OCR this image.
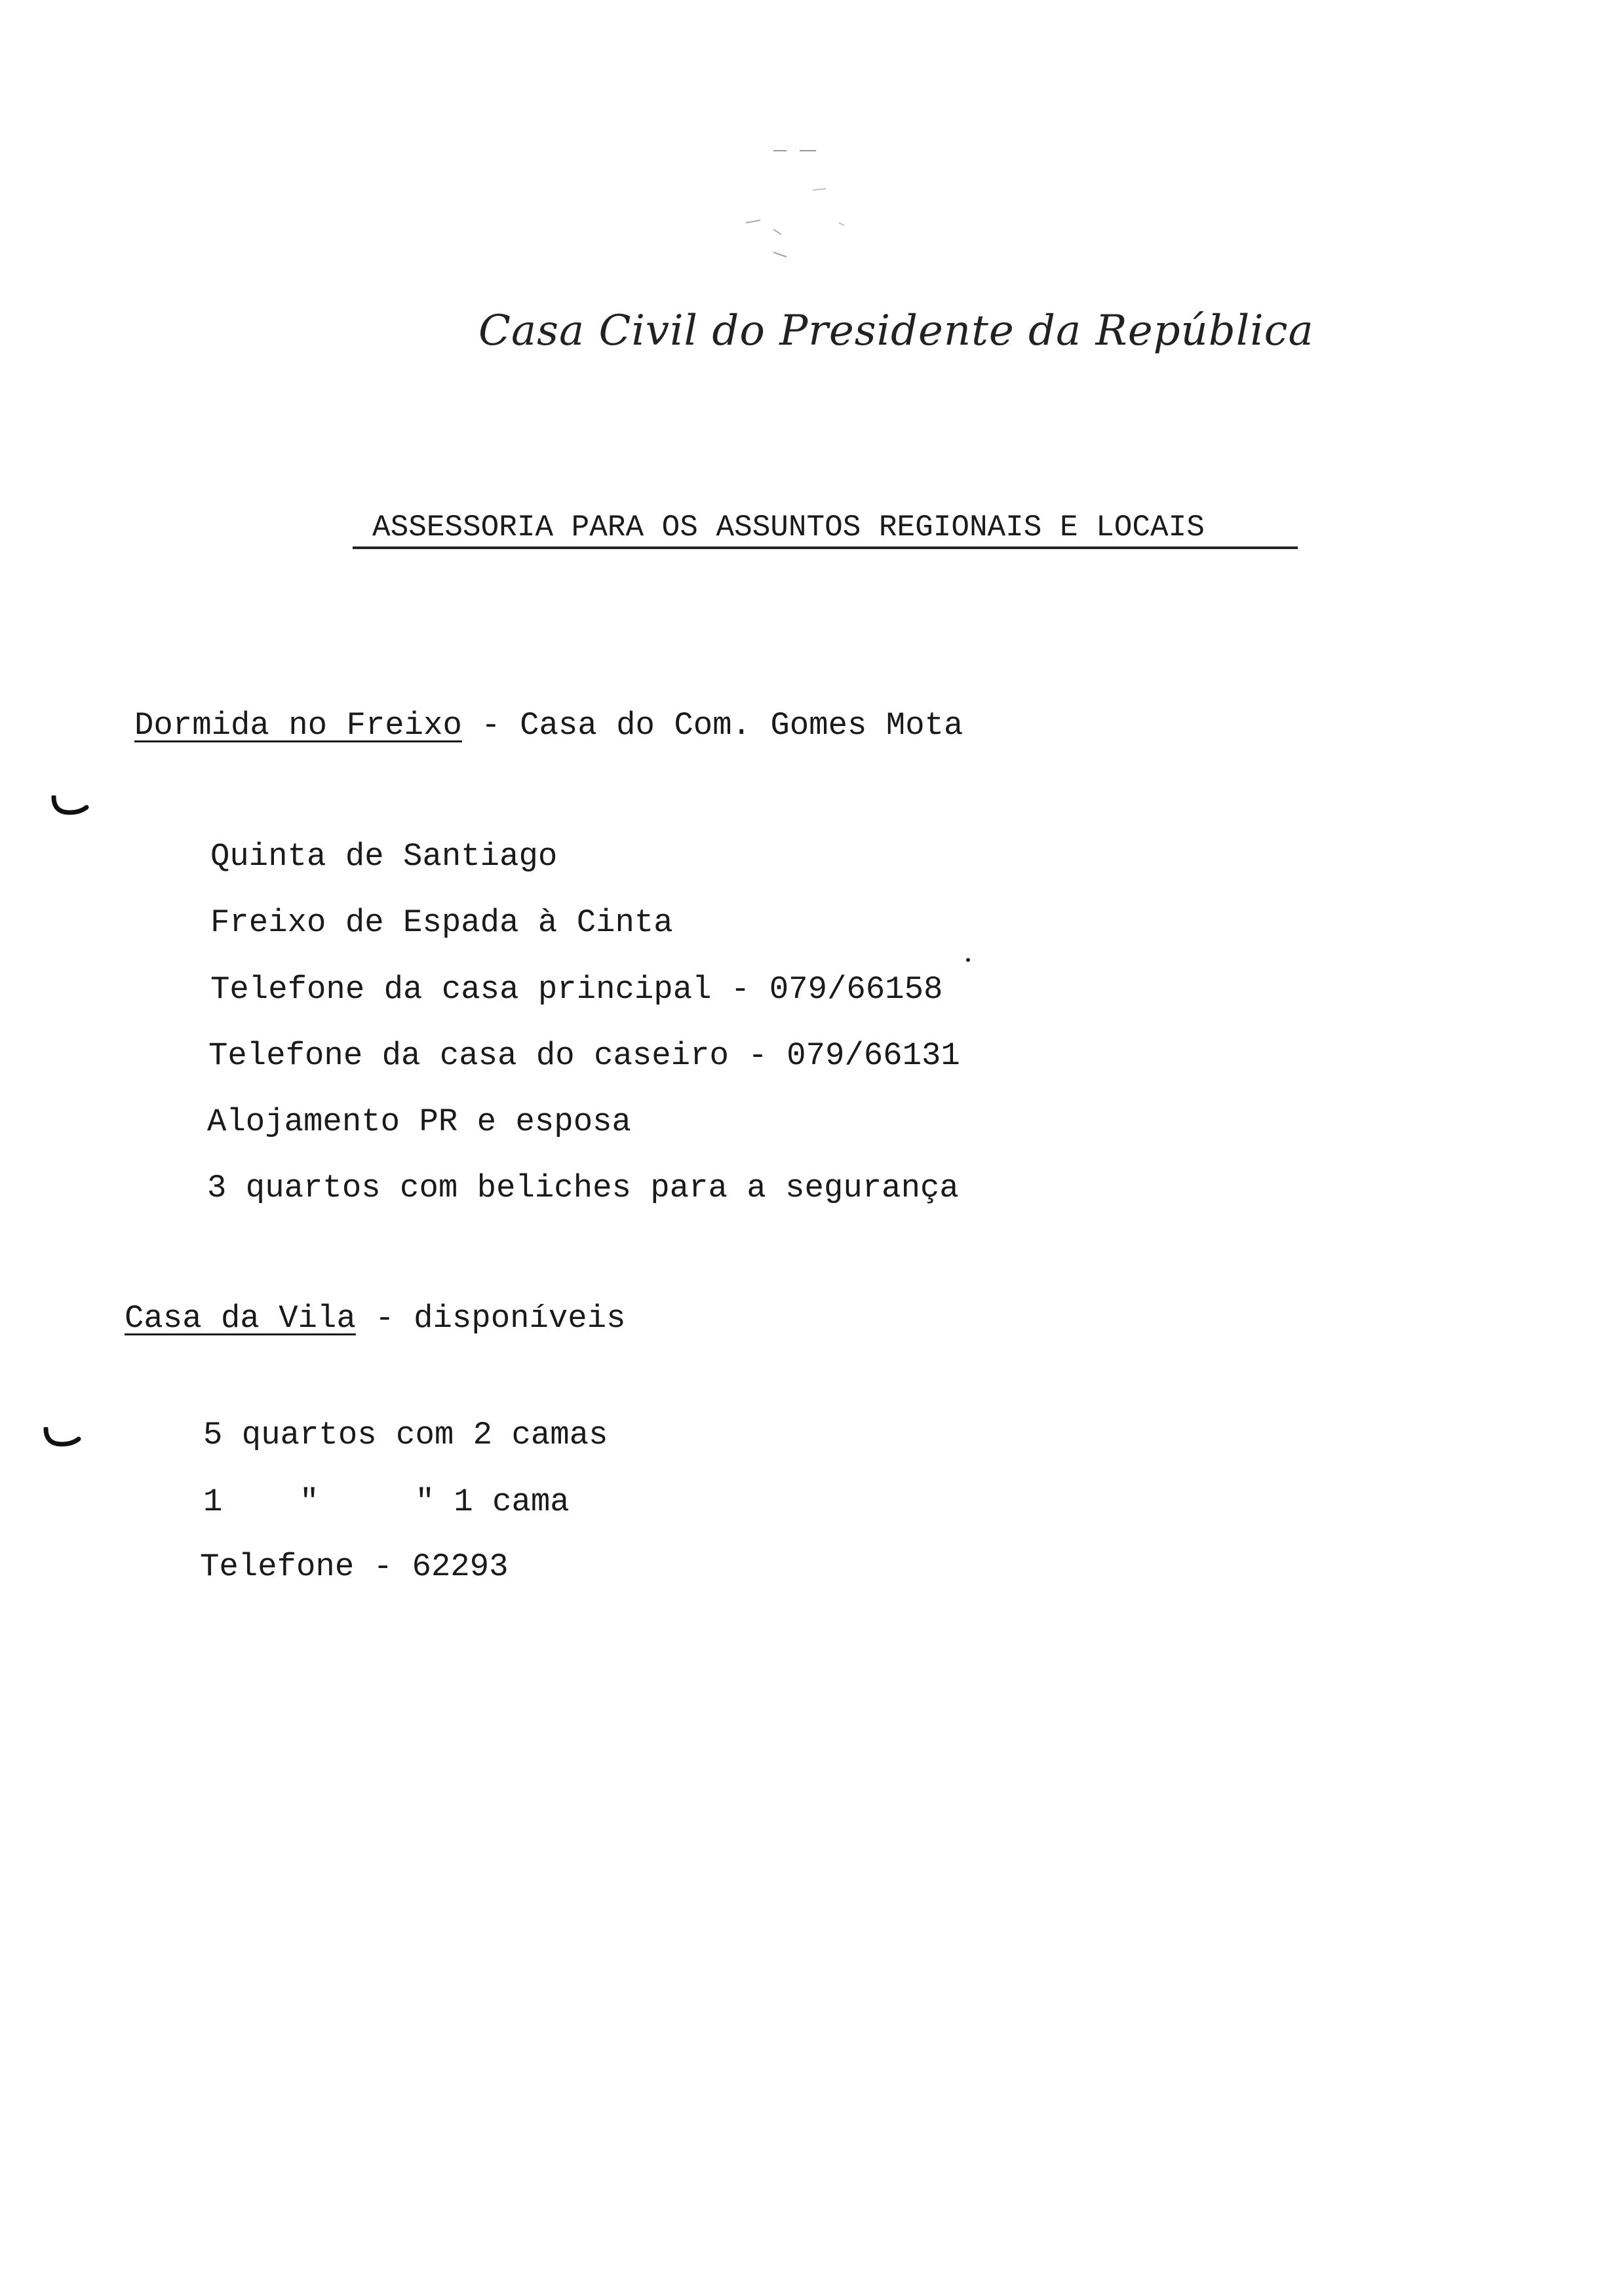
Casa Civil do Presidente da República
ASSESSORIA PARA OS ASSUNTOS REGIONAIS E LOCAIS
Dormida no Freixo - Casa do Com. Gomes Mota
Quinta de Santiago
Freixo de Espada à Cinta
Telefone da casa principal - 079/66158
Telefone da casa do caseiro - 079/66131
Alojamento PR e esposa
3 quartos com beliches para a segurança
Casa da Vila - disponíveis
5 quartos com 2 camas
1    "     " 1 cama
Telefone - 62293
